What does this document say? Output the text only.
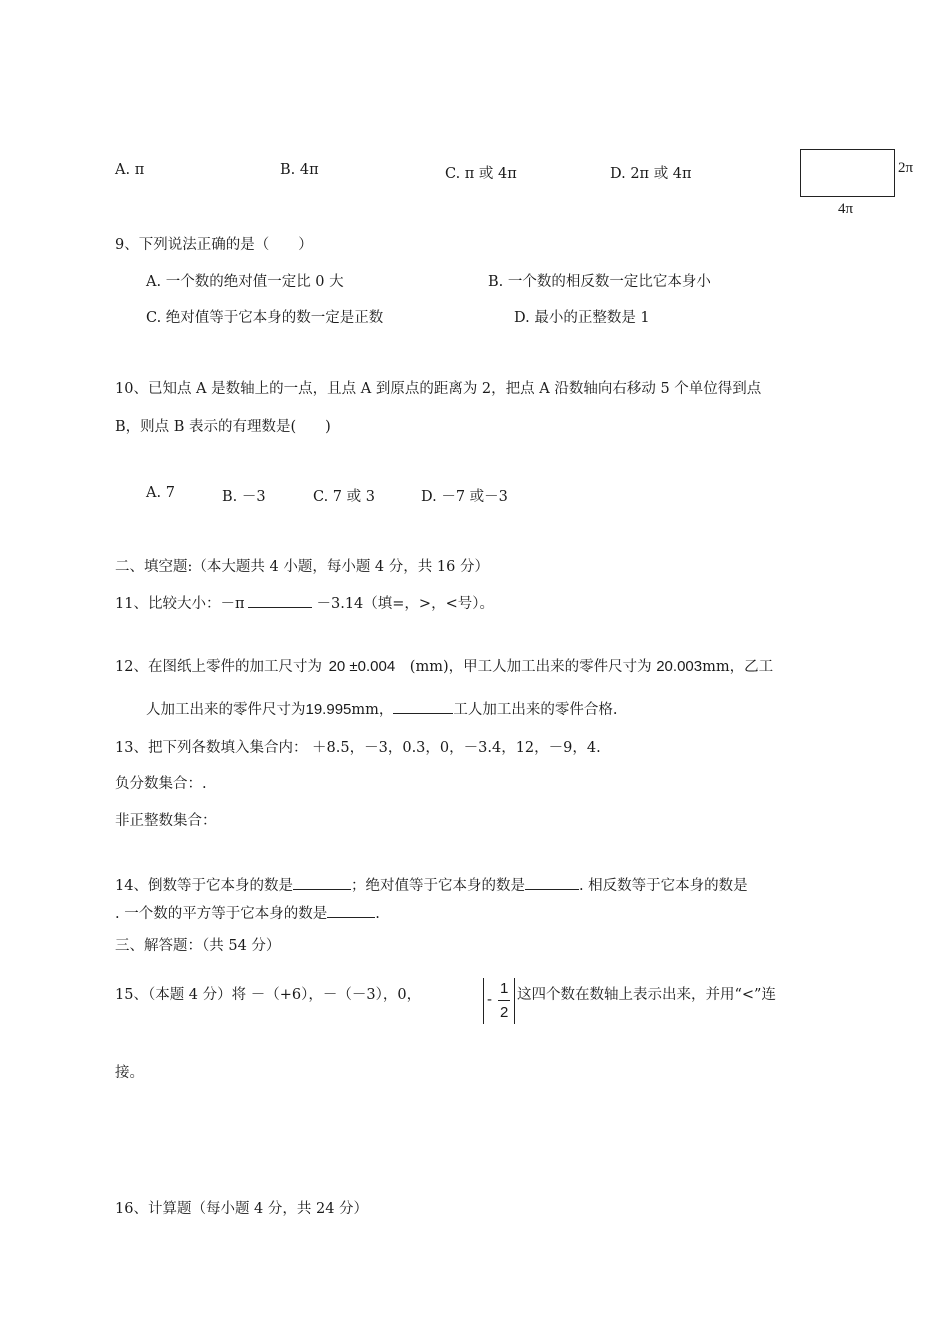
A. π	B. 4π	C. π 或 4π	D. 2π 或 4π	2π
4π
9、下列说法正确的是（　　）
A. 一个数的绝对值一定比 0 大	B. 一个数的相反数一定比它本身小
C. 绝对值等于它本身的数一定是正数	D. 最小的正整数是 1
10、已知点 A 是数轴上的一点，且点 A 到原点的距离为 2，把点 A 沿数轴向右移动 5 个单位得到点
B，则点 B 表示的有理数是(　　)
A. 7	B. －3	C. 7 或 3	D. －7 或－3
二、填空题:（本大题共 4 小题，每小题 4 分，共 16 分）
11、比较大小：－π	－3.14（填=，>，<号）。
12、在图纸上零件的加工尺寸为 20 ±0.004 (mm)，甲工人加工出来的零件尺寸为 20.003mm，乙工
人加工出来的零件尺寸为19.995mm，	工人加工出来的零件合格.
13、把下列各数填入集合内： ＋8.5，－3，0.3，0，－3.4，12，－9，4.
负分数集合：.
非正整数集合：
14、倒数等于它本身的数是	；绝对值等于它本身的数是	. 相反数等于它本身的数是
. 一个数的平方等于它本身的数是	.
三、解答题：（共 54 分）
15、（本题 4 分）将 －（+6），－（－3），0，	-
1
2
这四个数在数轴上表示出来，并用“<”连
接。
16、计算题（每小题 4 分，共 24 分）
